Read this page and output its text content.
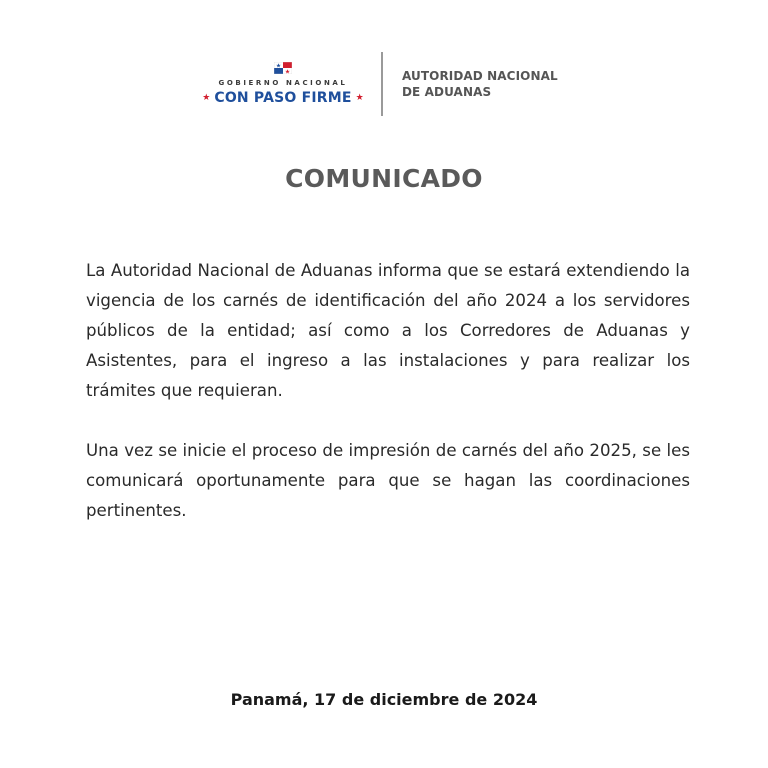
GOBIERNO NACIONAL
★ CON PASO FIRME ★
AUTORIDAD NACIONAL
DE ADUANAS
COMUNICADO

La Autoridad Nacional de Aduanas informa que se estará extendiendo la vigencia de los carnés de identificación del año 2024 a los servidores públicos de la entidad; así como a los Corredores de Aduanas y Asistentes, para el ingreso a las instalaciones y para realizar los trámites que requieran.

Una vez se inicie el proceso de impresión de carnés del año 2025, se les comunicará oportunamente para que se hagan las coordinaciones pertinentes.

Panamá, 17 de diciembre de 2024
